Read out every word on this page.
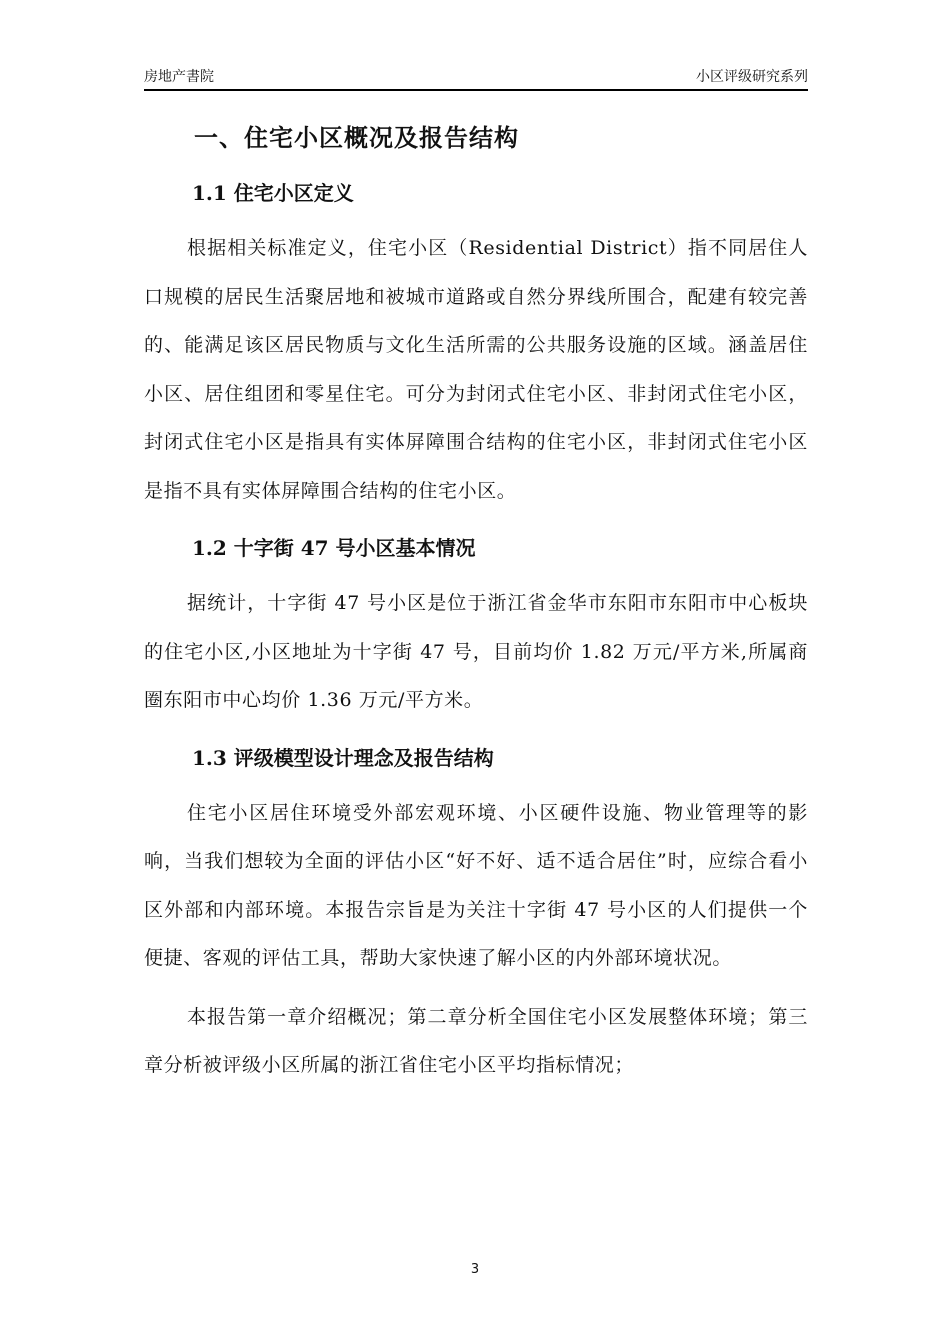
房地产書院	小区评级研究系列
一、住宅小区概况及报告结构
1.1 住宅小区定义

根据相关标准定义，住宅小区（Residential District）指不同居住人口规模的居民生活聚居地和被城市道路或自然分界线所围合，配建有较完善的、能满足该区居民物质与文化生活所需的公共服务设施的区域。涵盖居住小区、居住组团和零星住宅。可分为封闭式住宅小区、非封闭式住宅小区，封闭式住宅小区是指具有实体屏障围合结构的住宅小区，非封闭式住宅小区是指不具有实体屏障围合结构的住宅小区。

1.2 十字街 47 号小区基本情况

据统计，十字街 47 号小区是位于浙江省金华市东阳市东阳市中心板块的住宅小区,小区地址为十字街 47 号，目前均价 1.82 万元/平方米,所属商圈东阳市中心均价 1.36 万元/平方米。

1.3 评级模型设计理念及报告结构

住宅小区居住环境受外部宏观环境、小区硬件设施、物业管理等的影响，当我们想较为全面的评估小区“好不好、适不适合居住”时，应综合看小区外部和内部环境。本报告宗旨是为关注十字街 47 号小区的人们提供一个便捷、客观的评估工具，帮助大家快速了解小区的内外部环境状况。

本报告第一章介绍概况；第二章分析全国住宅小区发展整体环境；第三章分析被评级小区所属的浙江省住宅小区平均指标情况；

3
